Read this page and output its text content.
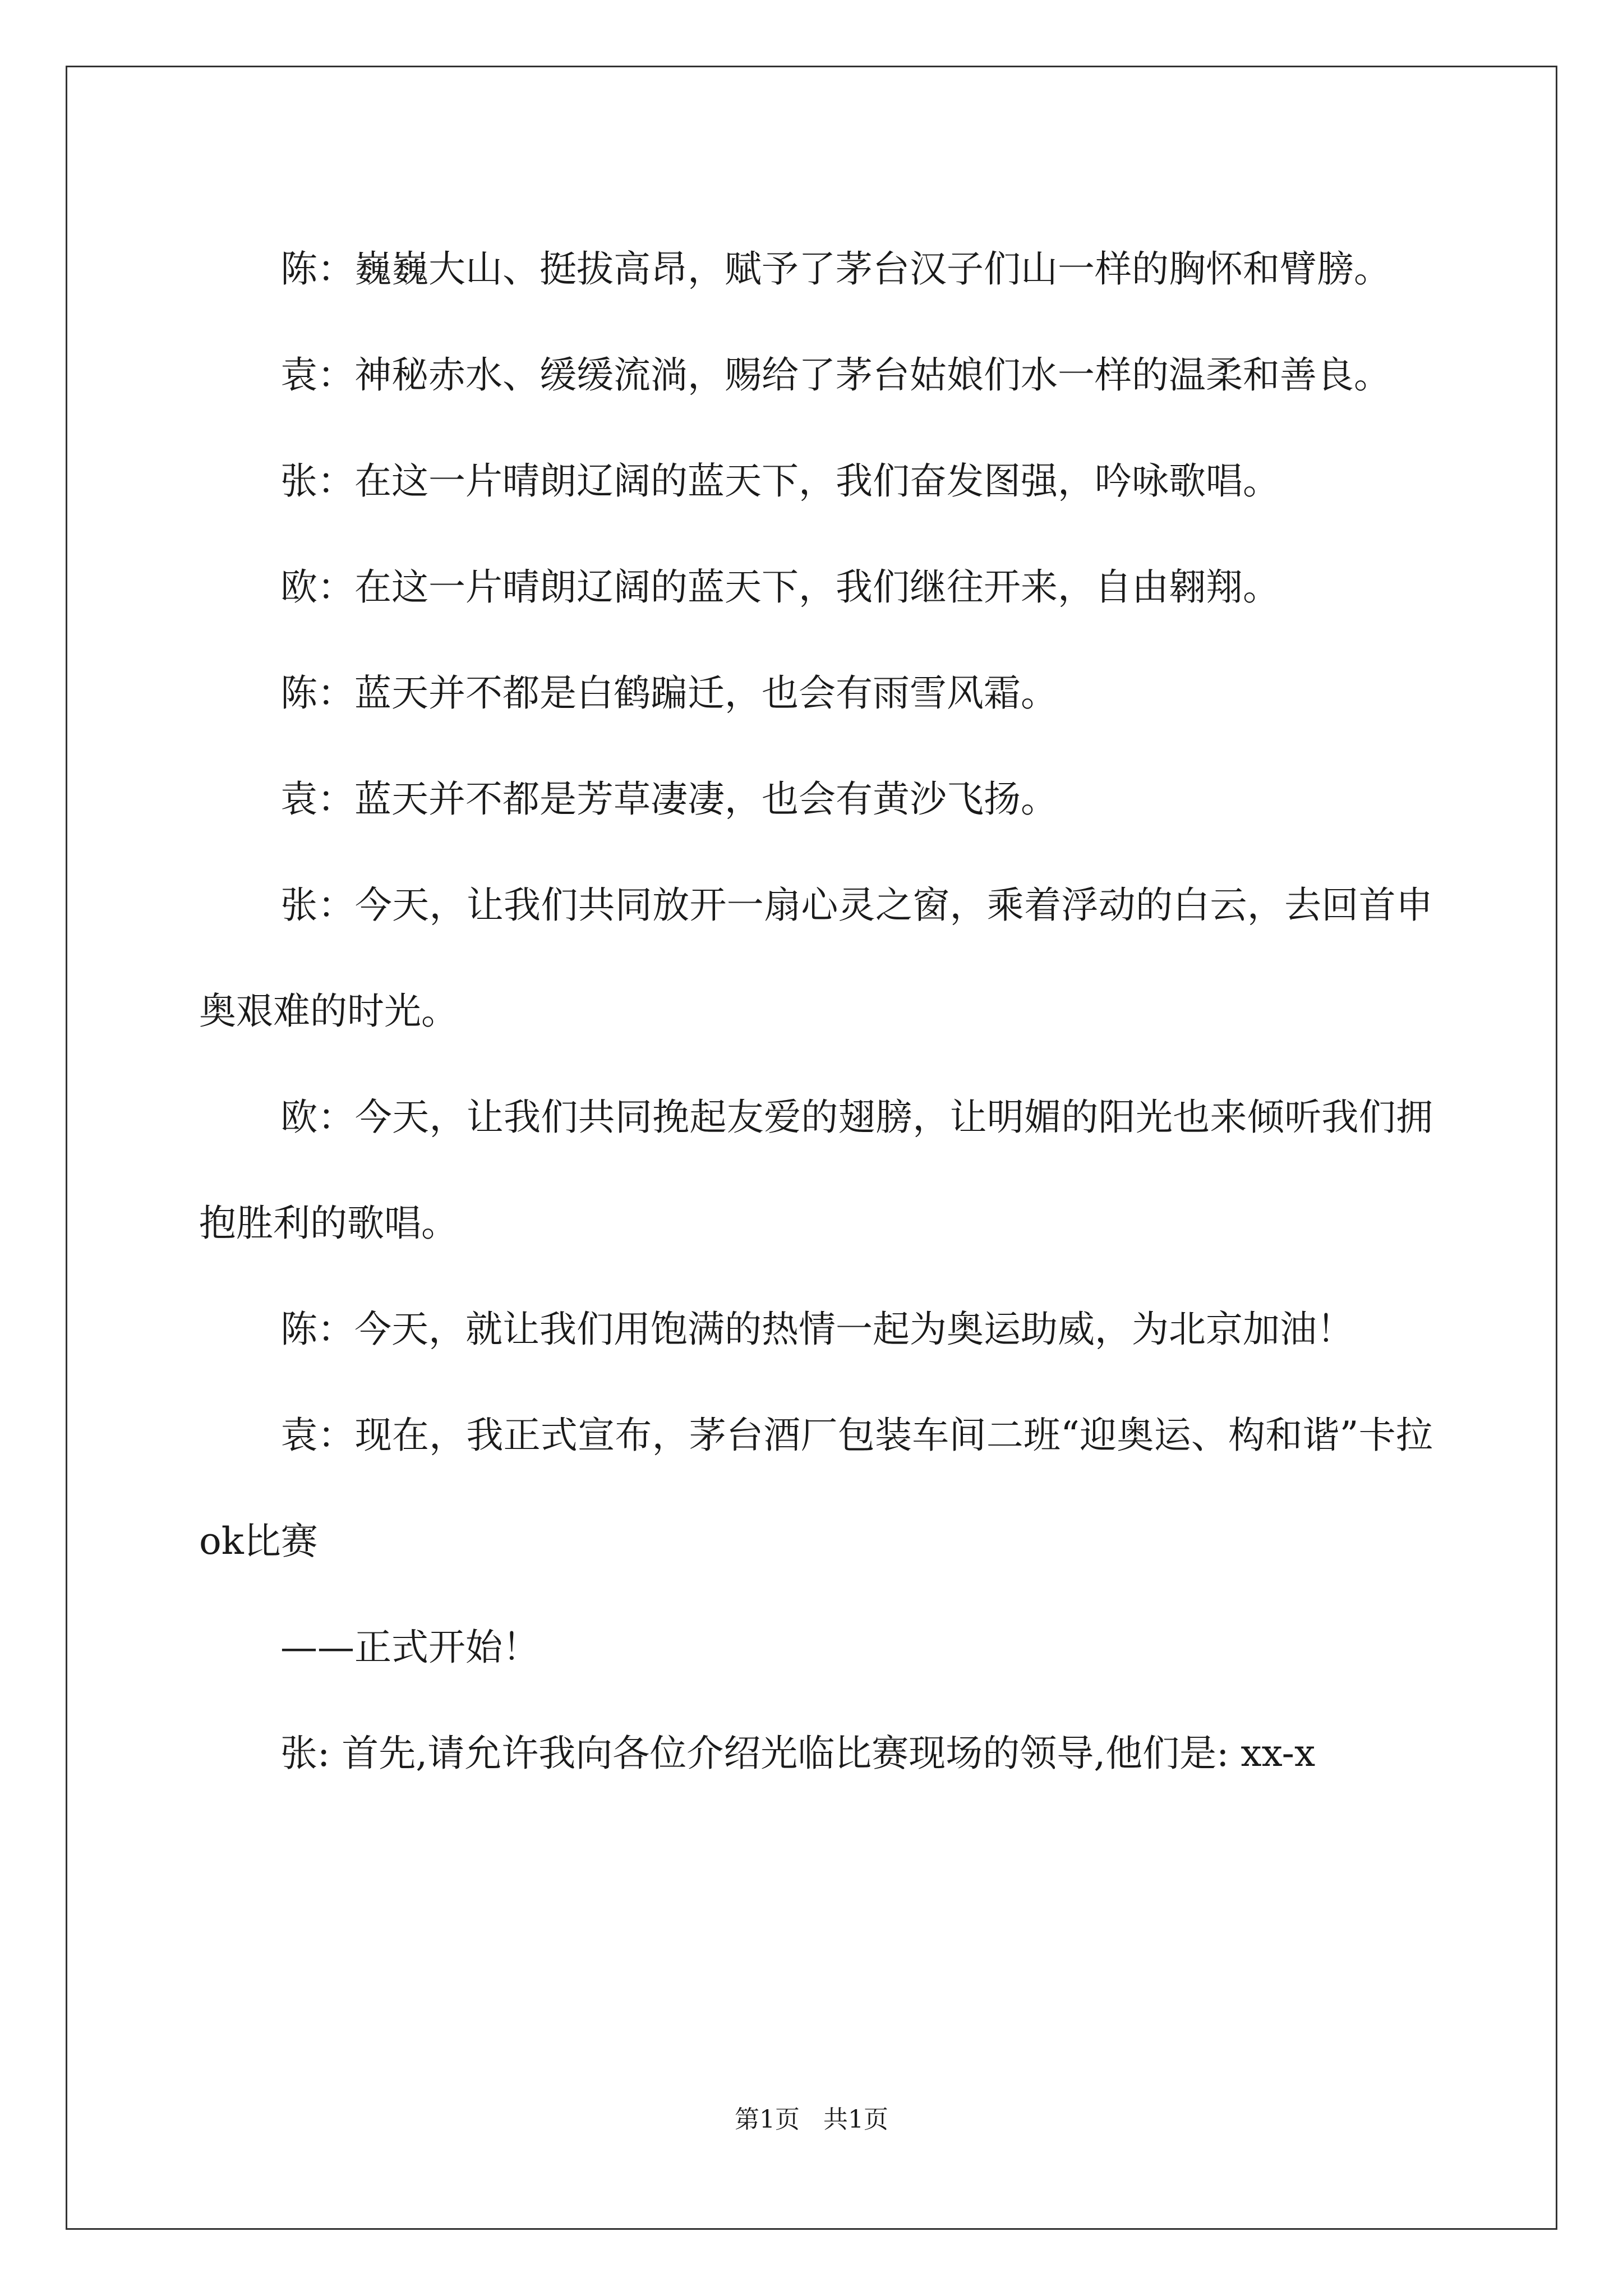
陈：巍巍大山、挺拔高昂，赋予了茅台汉子们山一样的胸怀和臂膀。

袁：神秘赤水、缓缓流淌，赐给了茅台姑娘们水一样的温柔和善良。

张：在这一片晴朗辽阔的蓝天下，我们奋发图强，吟咏歌唱。

欧：在这一片晴朗辽阔的蓝天下，我们继往开来，自由翱翔。

陈：蓝天并不都是白鹤蹁迁，也会有雨雪风霜。

袁：蓝天并不都是芳草凄凄，也会有黄沙飞扬。

张：今天，让我们共同放开一扇心灵之窗，乘着浮动的白云，去回首申奥艰难的时光。

欧：今天，让我们共同挽起友爱的翅膀，让明媚的阳光也来倾听我们拥抱胜利的歌唱。

陈：今天，就让我们用饱满的热情一起为奥运助威，为北京加油！

袁：现在，我正式宣布，茅台酒厂包装车间二班“迎奥运、构和谐”卡拉ok比赛

——正式开始！

张: 首先,请允许我向各位介绍光临比赛现场的领导,他们是: xx-x

第1页 共1页
